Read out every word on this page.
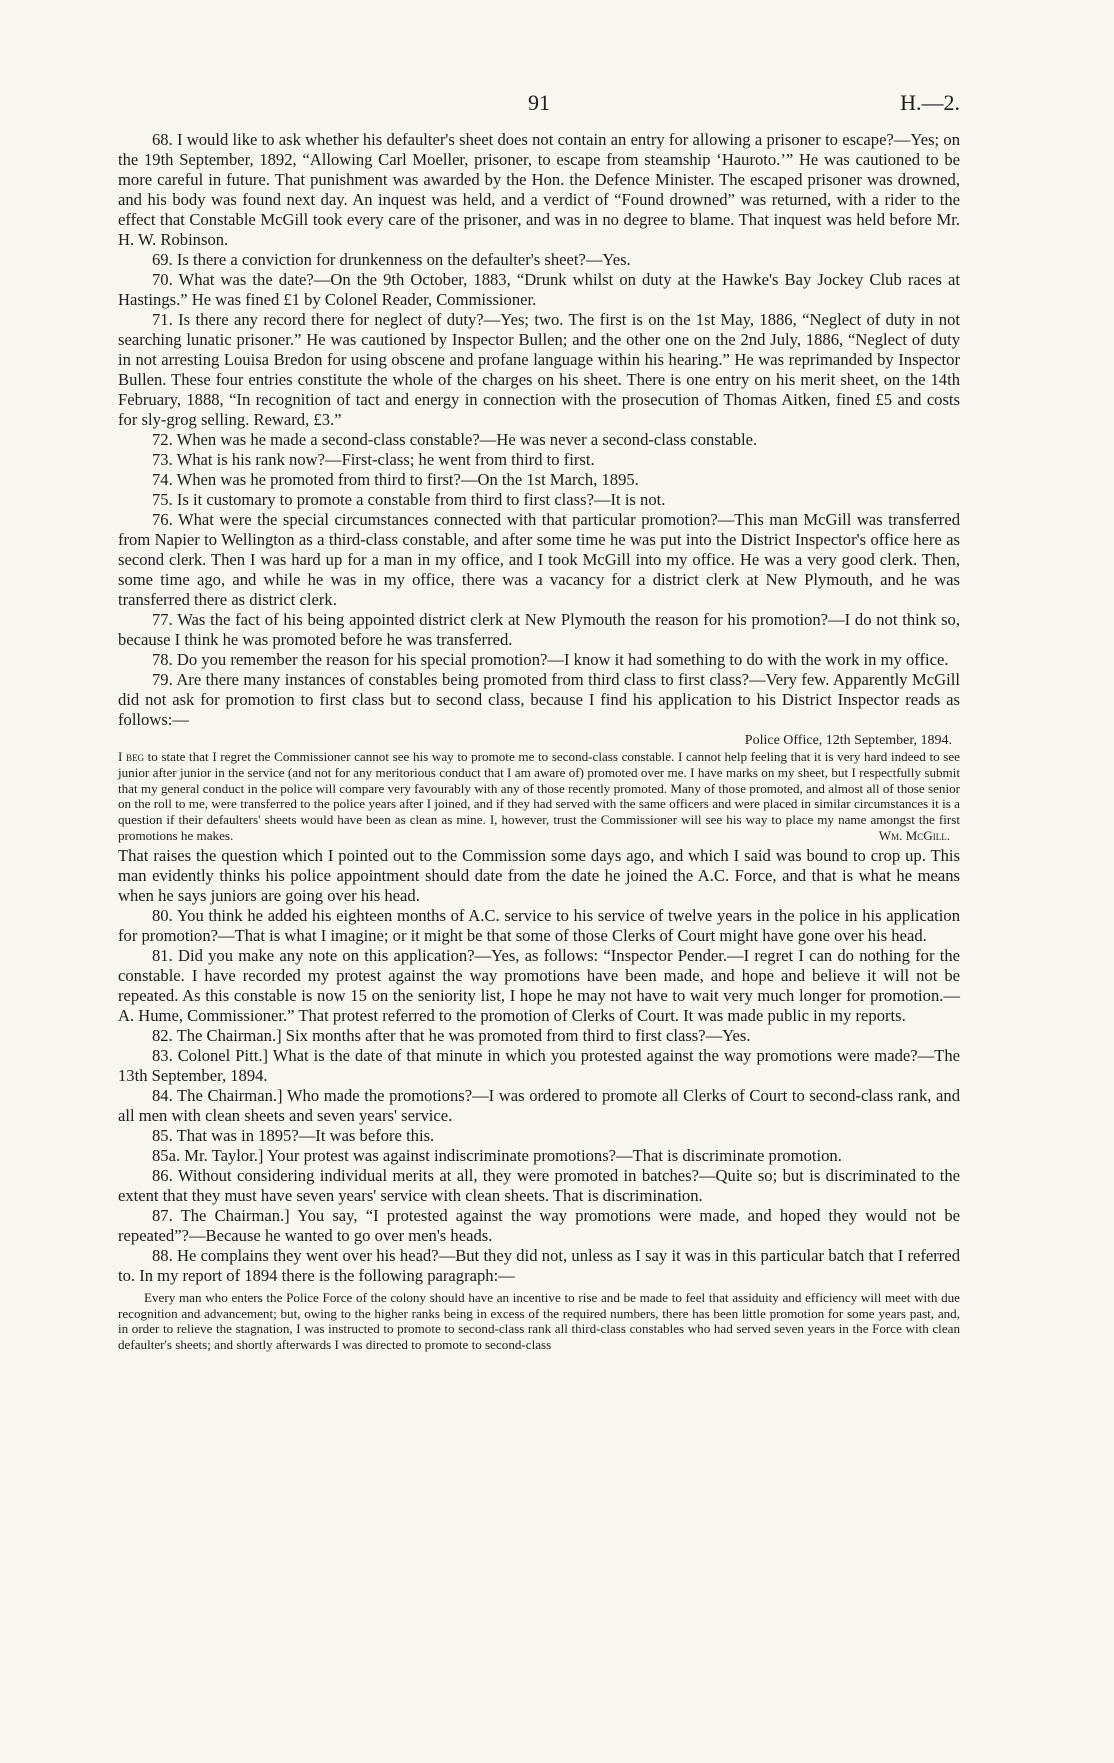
91	H.—2.

68. I would like to ask whether his defaulter's sheet does not contain an entry for allowing a prisoner to escape?—Yes; on the 19th September, 1892, “Allowing Carl Moeller, prisoner, to escape from steamship ‘Hauroto.’” He was cautioned to be more careful in future. That punishment was awarded by the Hon. the Defence Minister. The escaped prisoner was drowned, and his body was found next day. An inquest was held, and a verdict of “Found drowned” was returned, with a rider to the effect that Constable McGill took every care of the prisoner, and was in no degree to blame. That inquest was held before Mr. H. W. Robinson.

69. Is there a conviction for drunkenness on the defaulter's sheet?—Yes.

70. What was the date?—On the 9th October, 1883, “Drunk whilst on duty at the Hawke's Bay Jockey Club races at Hastings.” He was fined £1 by Colonel Reader, Commissioner.

71. Is there any record there for neglect of duty?—Yes; two. The first is on the 1st May, 1886, “Neglect of duty in not searching lunatic prisoner.” He was cautioned by Inspector Bullen; and the other one on the 2nd July, 1886, “Neglect of duty in not arresting Louisa Bredon for using obscene and profane language within his hearing.” He was reprimanded by Inspector Bullen. These four entries constitute the whole of the charges on his sheet. There is one entry on his merit sheet, on the 14th February, 1888, “In recognition of tact and energy in connection with the prosecution of Thomas Aitken, fined £5 and costs for sly-grog selling. Reward, £3.”

72. When was he made a second-class constable?—He was never a second-class constable.

73. What is his rank now?—First-class; he went from third to first.

74. When was he promoted from third to first?—On the 1st March, 1895.

75. Is it customary to promote a constable from third to first class?—It is not.

76. What were the special circumstances connected with that particular promotion?—This man McGill was transferred from Napier to Wellington as a third-class constable, and after some time he was put into the District Inspector's office here as second clerk. Then I was hard up for a man in my office, and I took McGill into my office. He was a very good clerk. Then, some time ago, and while he was in my office, there was a vacancy for a district clerk at New Plymouth, and he was transferred there as district clerk.

77. Was the fact of his being appointed district clerk at New Plymouth the reason for his promotion?—I do not think so, because I think he was promoted before he was transferred.

78. Do you remember the reason for his special promotion?—I know it had something to do with the work in my office.

79. Are there many instances of constables being promoted from third class to first class?—Very few. Apparently McGill did not ask for promotion to first class but to second class, because I find his application to his District Inspector reads as follows:—

Police Office, 12th September, 1894.

I beg to state that I regret the Commissioner cannot see his way to promote me to second-class constable. I cannot help feeling that it is very hard indeed to see junior after junior in the service (and not for any meritorious conduct that I am aware of) promoted over me. I have marks on my sheet, but I respectfully submit that my general conduct in the police will compare very favourably with any of those recently promoted. Many of those promoted, and almost all of those senior on the roll to me, were transferred to the police years after I joined, and if they had served with the same officers and were placed in similar circumstances it is a question if their defaulters' sheets would have been as clean as mine. I, however, trust the Commissioner will see his way to place my name amongst the first promotions he makes.	Wm. McGill.

That raises the question which I pointed out to the Commission some days ago, and which I said was bound to crop up. This man evidently thinks his police appointment should date from the date he joined the A.C. Force, and that is what he means when he says juniors are going over his head.

80. You think he added his eighteen months of A.C. service to his service of twelve years in the police in his application for promotion?—That is what I imagine; or it might be that some of those Clerks of Court might have gone over his head.

81. Did you make any note on this application?—Yes, as follows: “Inspector Pender.—I regret I can do nothing for the constable. I have recorded my protest against the way promotions have been made, and hope and believe it will not be repeated. As this constable is now 15 on the seniority list, I hope he may not have to wait very much longer for promotion.—A. Hume, Commissioner.” That protest referred to the promotion of Clerks of Court. It was made public in my reports.

82. The Chairman.] Six months after that he was promoted from third to first class?—Yes.

83. Colonel Pitt.] What is the date of that minute in which you protested against the way promotions were made?—The 13th September, 1894.

84. The Chairman.] Who made the promotions?—I was ordered to promote all Clerks of Court to second-class rank, and all men with clean sheets and seven years' service.

85. That was in 1895?—It was before this.

85a. Mr. Taylor.] Your protest was against indiscriminate promotions?—That is discriminate promotion.

86. Without considering individual merits at all, they were promoted in batches?—Quite so; but is discriminated to the extent that they must have seven years' service with clean sheets. That is discrimination.

87. The Chairman.] You say, “I protested against the way promotions were made, and hoped they would not be repeated”?—Because he wanted to go over men's heads.

88. He complains they went over his head?—But they did not, unless as I say it was in this particular batch that I referred to. In my report of 1894 there is the following paragraph:—

Every man who enters the Police Force of the colony should have an incentive to rise and be made to feel that assiduity and efficiency will meet with due recognition and advancement; but, owing to the higher ranks being in excess of the required numbers, there has been little promotion for some years past, and, in order to relieve the stagnation, I was instructed to promote to second-class rank all third-class constables who had served seven years in the Force with clean defaulter's sheets; and shortly afterwards I was directed to promote to second-class
